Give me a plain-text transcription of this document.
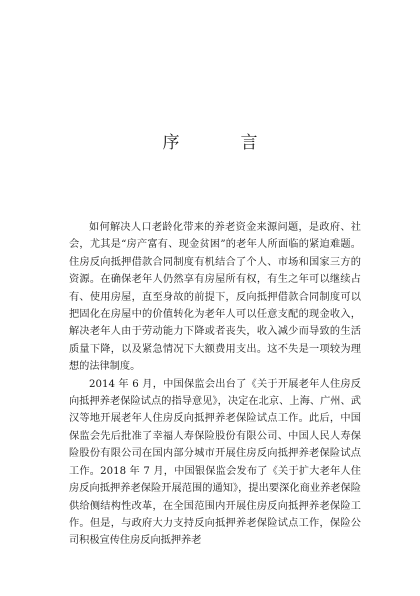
序　言

如何解决人口老龄化带来的养老资金来源问题，是政府、社会，尤其是“房产富有、现金贫困”的老年人所面临的紧迫难题。住房反向抵押借款合同制度有机结合了个人、市场和国家三方的资源。在确保老年人仍然享有房屋所有权，有生之年可以继续占有、使用房屋，直至身故的前提下，反向抵押借款合同制度可以把固化在房屋中的价值转化为老年人可以任意支配的现金收入，解决老年人由于劳动能力下降或者丧失，收入减少而导致的生活质量下降，以及紧急情况下大额费用支出。这不失是一项较为理想的法律制度。

2014 年 6 月，中国保监会出台了《关于开展老年人住房反向抵押养老保险试点的指导意见》，决定在北京、上海、广州、武汉等地开展老年人住房反向抵押养老保险试点工作。此后，中国保监会先后批准了幸福人寿保险股份有限公司、中国人民人寿保险股份有限公司在国内部分城市开展住房反向抵押养老保险试点工作。2018 年 7 月，中国银保监会发布了《关于扩大老年人住房反向抵押养老保险开展范围的通知》，提出要深化商业养老保险供给侧结构性改革，在全国范围内开展住房反向抵押养老保险工作。但是，与政府大力支持反向抵押养老保险试点工作，保险公司积极宣传住房反向抵押养老
